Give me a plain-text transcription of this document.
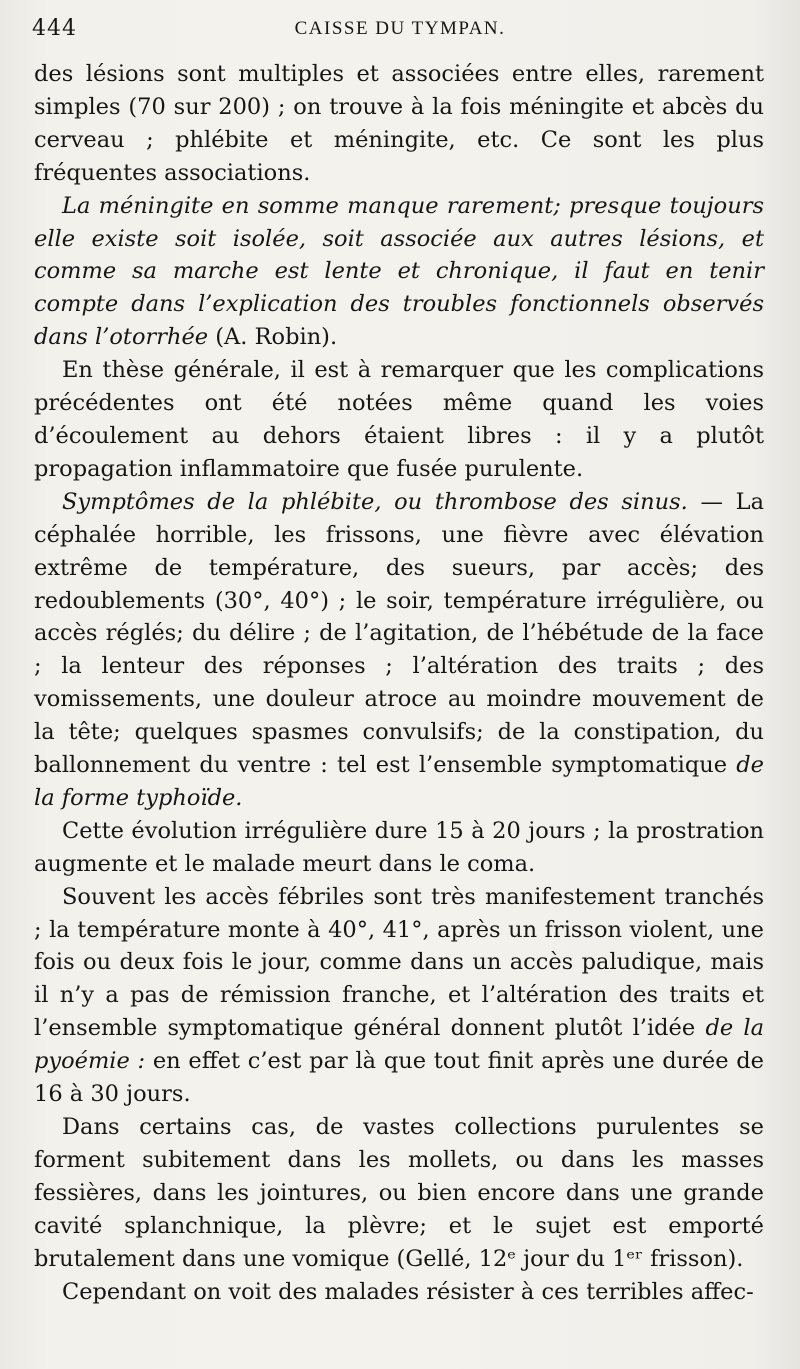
444	CAISSE DU TYMPAN.

des lésions sont multiples et associées entre elles, rarement simples (70 sur 200) ; on trouve à la fois méningite et abcès du cerveau ; phlébite et méningite, etc. Ce sont les plus fréquentes associations.

La méningite en somme manque rarement; presque toujours elle existe soit isolée, soit associée aux autres lésions, et comme sa marche est lente et chronique, il faut en tenir compte dans l’explication des troubles fonctionnels observés dans l’otorrhée (A. Robin).

En thèse générale, il est à remarquer que les complications précédentes ont été notées même quand les voies d’écoulement au dehors étaient libres : il y a plutôt propagation inflammatoire que fusée purulente.

Symptômes de la phlébite, ou thrombose des sinus. — La céphalée horrible, les frissons, une fièvre avec élévation extrême de température, des sueurs, par accès; des redoublements (30°, 40°) ; le soir, température irrégulière, ou accès réglés; du délire ; de l’agitation, de l’hébétude de la face ; la lenteur des réponses ; l’altération des traits ; des vomissements, une douleur atroce au moindre mouvement de la tête; quelques spasmes convulsifs; de la constipation, du ballonnement du ventre : tel est l’ensemble symptomatique de la forme typhoïde.

Cette évolution irrégulière dure 15 à 20 jours ; la prostration augmente et le malade meurt dans le coma.

Souvent les accès fébriles sont très manifestement tranchés ; la température monte à 40°, 41°, après un frisson violent, une fois ou deux fois le jour, comme dans un accès paludique, mais il n’y a pas de rémission franche, et l’altération des traits et l’ensemble symptomatique général donnent plutôt l’idée de la pyoémie : en effet c’est par là que tout finit après une durée de 16 à 30 jours.

Dans certains cas, de vastes collections purulentes se forment subitement dans les mollets, ou dans les masses fessières, dans les jointures, ou bien encore dans une grande cavité splanchnique, la plèvre; et le sujet est emporté brutalement dans une vomique (Gellé, 12ᵉ jour du 1ᵉʳ frisson).

Cependant on voit des malades résister à ces terribles affec-
